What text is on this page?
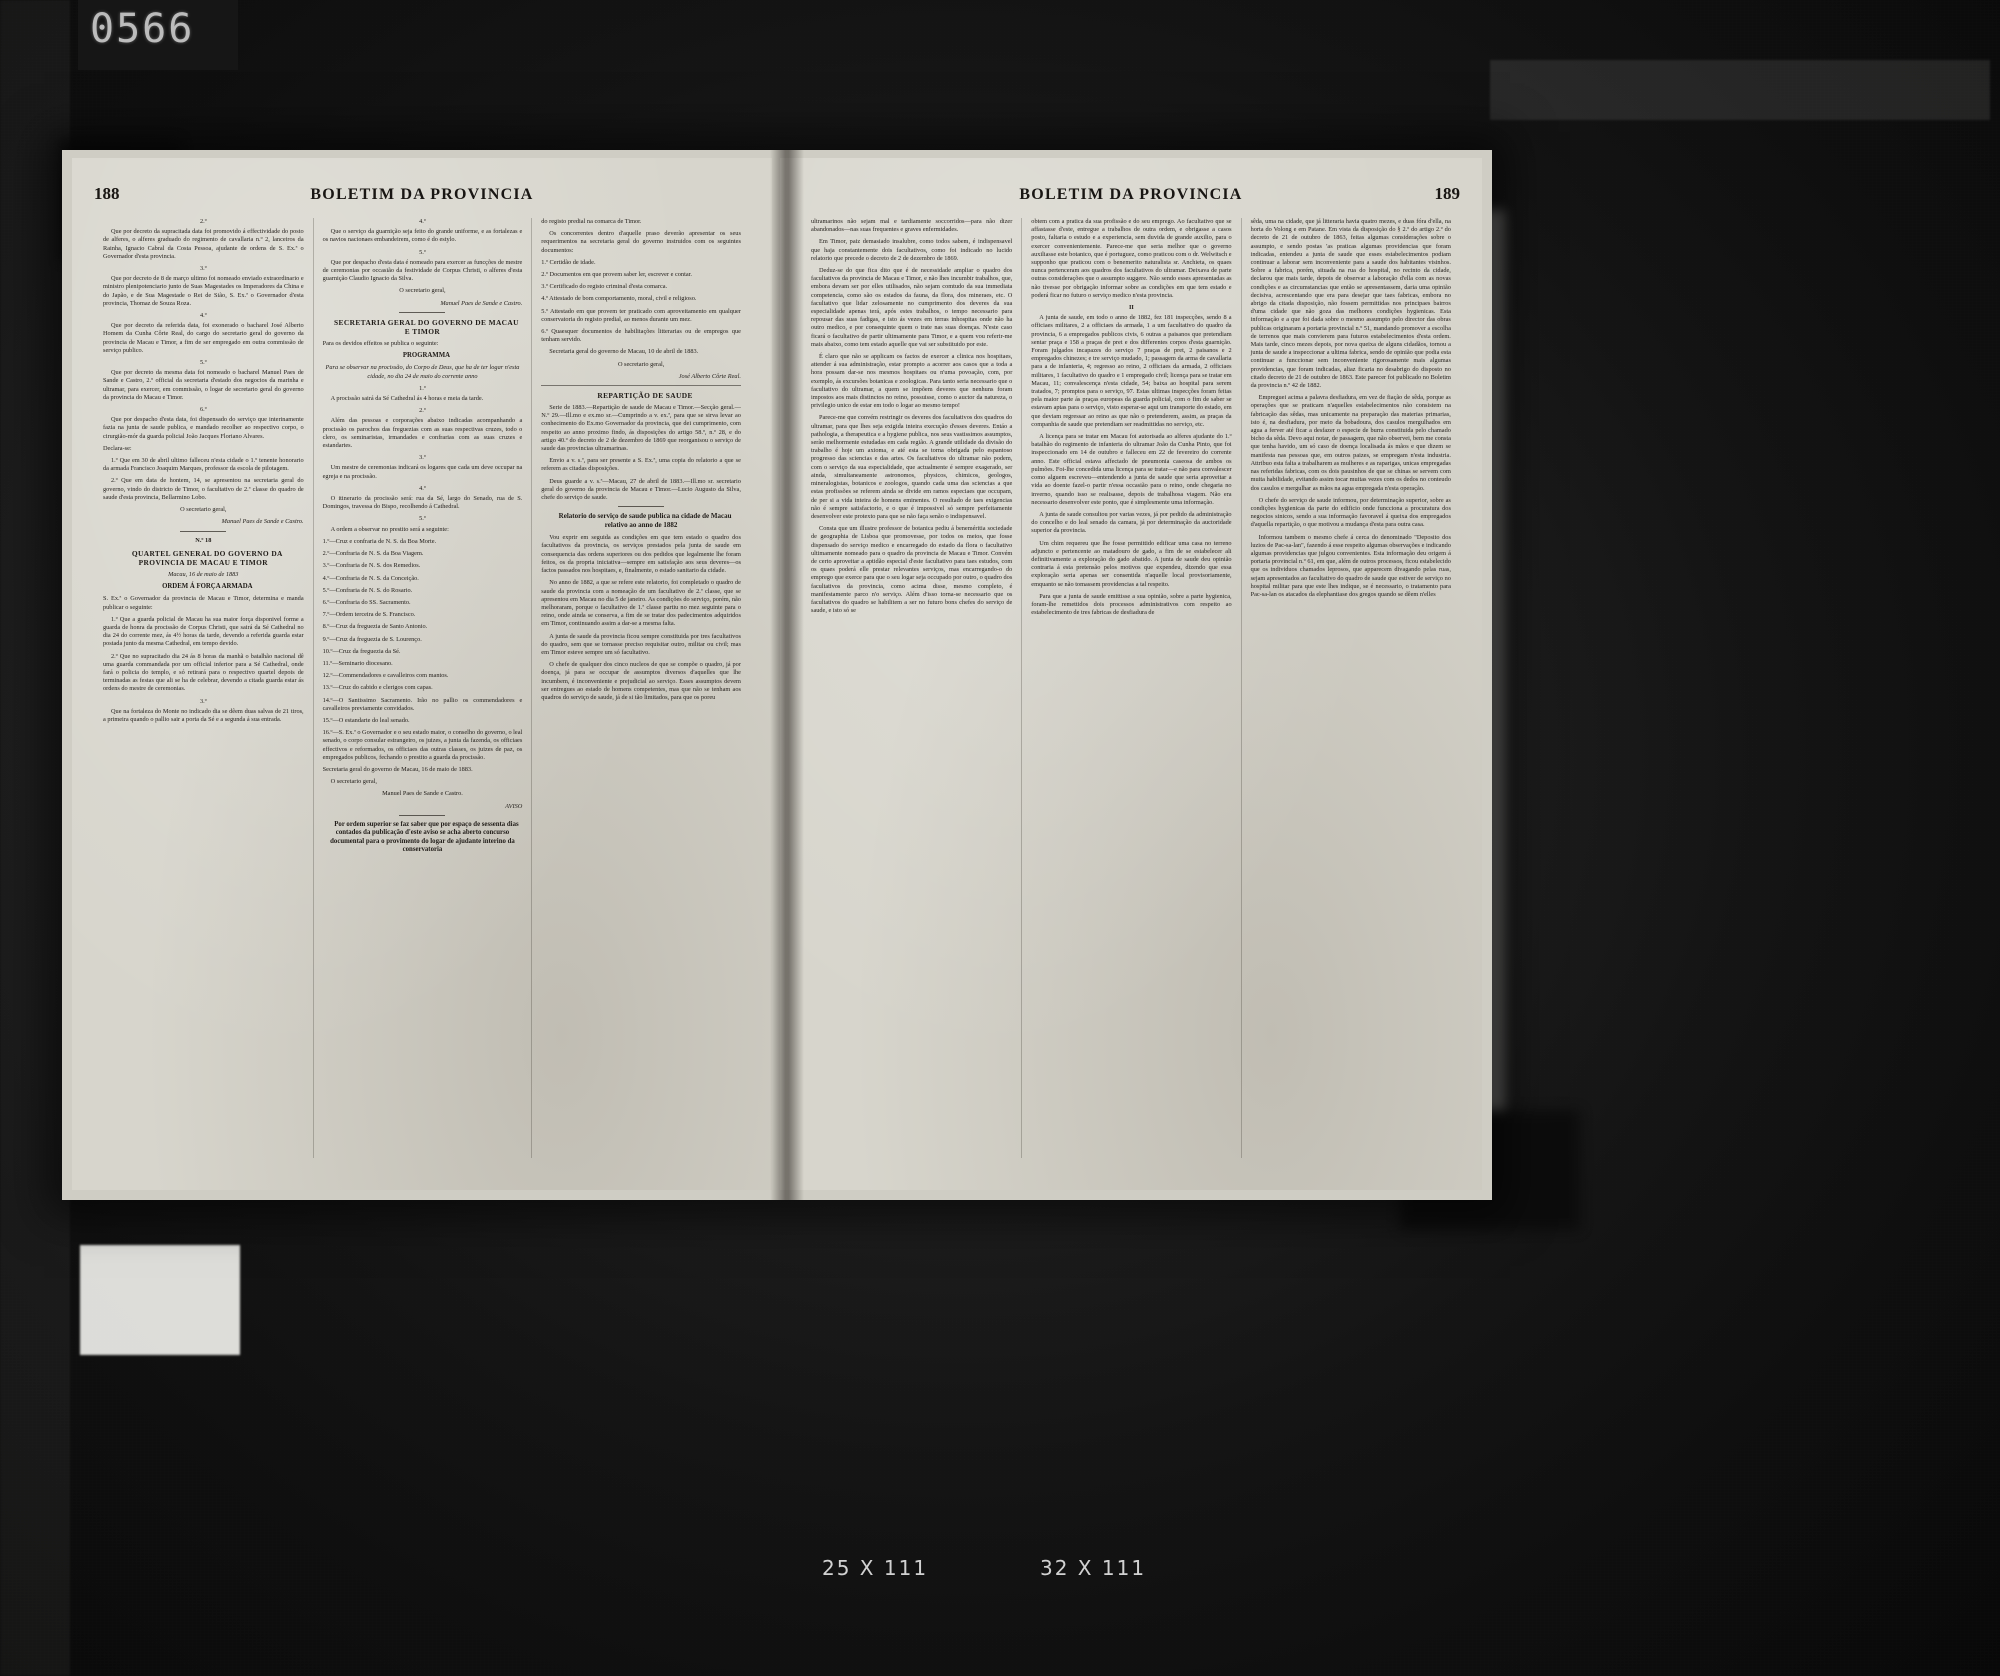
0566
188	BOLETIM DA PROVINCIA

2.º

Que por decreto da supracitada data foi promovido á effectividade do posto de alferes, o alferes graduado do regimento de cavallaria n.º 2, lanceiros da Rainha, Ignacio Cabral da Costa Pessoa, ajudante de ordens de S. Ex.ª o Governador d'esta provincia.

3.º

Que por decreto de 8 de março ultimo foi nomeado enviado extraordinario e ministro plenipotenciario junto de Suas Magestades os Imperadores da China e do Japão, e de Sua Magestade o Rei de Sião, S. Ex.ª o Governador d'esta provincia, Thomaz de Souza Roza.

4.º

Que por decreto da referida data, foi exonerado o bacharel José Alberto Homem da Cunha Côrte Real, do cargo do secretario geral do governo da provincia de Macau e Timor, a fim de ser empregado em outra commissão de serviço publico.

5.º

Que por decreto da mesma data foi nomeado o bacharel Manuel Paes de Sande e Castro, 2.º official da secretaria d'estado dos negocios da marinha e ultramar, para exercer, em commissão, o logar de secretario geral do governo da provincia do Macau e Timor.

6.º

Que por despacho d'esta data, foi dispensado do serviço que interinamente fazia na junta de saude publica, e mandado recolher ao respectivo corpo, o cirurgião-mór da guarda policial João Jacques Floriano Alvares.

Declara-se:

1.º Que em 30 de abril ultimo falleceu n'esta cidade o 1.º tenente honorario da armada Francisco Joaquim Marques, professor da escola de pilotagem.

2.º Que em data de hontem, 14, se apresentou na secretaria geral do governo, vindo do districto de Timor, o facultativo de 2.ª classe do quadro de saude d'esta provincia, Bellarmino Lobo.

O secretario geral,

Manuel Paes de Sande e Castro.

N.º 18

QUARTEL GENERAL DO GOVERNO DA PROVINCIA DE MACAU E TIMOR

Macau, 16 de maio de 1883

ORDEM Á FORÇA ARMADA

S. Ex.ª o Governador da provincia de Macau e Timor, determina e manda publicar o seguinte:

1.º Que a guarda policial de Macau ha sua maior força disponivel forme a guarda de honra da procissão de Corpus Christi, que sairá da Sé Cathedral no dia 24 do corrente mez, ás 4½ horas da tarde, devendo a referida guarda estar postada junto da mesma Cathedral, em tempo devido.

2.º Que no supracitado dia 24 ás 8 horas da manhã o batalhão nacional dê uma guarda commandada por um official inferior para a Sé Cathedral, onde fará o policia do templo, e só retirará para o respectivo quartel depois de terminadas as festas que ali se ha de celebrar, devendo a citada guarda estar ás ordens do mestre de ceremonias.

3.º

Que na fortaleza do Monte no indicado dia se dêem duas salvas de 21 tiros, a primeira quando o pallio sair a porta da Sé e a segunda á sua entrada.

4.º

Que o serviço da guarnição seja feito do grande uniforme, e as fortalezas e os navios nacionaes embandeirem, como é do estylo.

5.º

Que por despacho d'esta data é nomeado para exercer as funcções de mestre de ceremonias por occasião da festividade de Corpus Christi, o alferes d'esta guarnição Claudio Ignacio da Silva.

O secretario geral,

Manuel Paes de Sande e Castro.

SECRETARIA GERAL DO GOVERNO DE MACAU E TIMOR

Para os devidos effeitos se publica o seguinte:

PROGRAMMA

Para se observar na procissão, do Corpo de Deus, que ha de ter logar n'esta cidade, no dia 24 de maio do corrente anno

1.º

A procissão sairá da Sé Cathedral ás 4 horas e meia da tarde.

2.º

Além das pessoas e corporações abaixo indicadas acompanhando a procissão os parochos das freguezias com as suas respectivas cruzes, todo o clero, os seminaristas, irmandades e confrarias com as suas cruzes e estandartes.

3.º

Um mestre de ceremonias indicará os logares que cada um deve occupar na egreja e na procissão.

4.º

O itinerario da procissão será: rua da Sé, largo do Senado, rua de S. Domingos, travessa do Bispo, recolhendo á Cathedral.

5.º

A ordem a observar no prestito será a seguinte:

1.º—Cruz e confraria de N. S. da Boa Morte.

2.º—Confraria de N. S. da Boa Viagem.

3.º—Confraria de N. S. dos Remedios.

4.º—Confraria de N. S. da Conceição.

5.º—Confraria de N. S. do Rosario.

6.º—Confraria do SS. Sacramento.

7.º—Ordem terceira de S. Francisco.

8.º—Cruz da freguezia de Santo Antonio.

9.º—Cruz da freguezia de S. Lourenço.

10.º—Cruz da freguezia da Sé.

11.º—Seminario diocesano.

12.º—Commendadores e cavalleiros com mantos.

13.º—Cruz do cabido e clerigos com capas.

14.º—O Santissimo Sacramento. Irão no pallio os commendadores e cavalleiros previamente convidados.

15.º—O estandarte do leal senado.

16.º—S. Ex.ª o Governador e o seu estado maior, o conselho do governo, o leal senado, o corpo consular estrangeiro, os juizes, a junta da fazenda, os officiaes effectivos e reformados, os officiaes das outras classes, os juizes de paz, os empregados publicos, fechando o prestito a guarda da procissão.

Secretaria geral do governo de Macau, 16 de maio de 1883.

O secretario geral,

Manuel Paes de Sande e Castro.

AVISO

Por ordem superior se faz saber que por espaço de sessenta dias contados da publicação d'este aviso se acha aberto concurso documental para o provimento do logar de ajudante interino da conservatoria

do registo predial na comarca de Timor.

Os concorrentes dentro d'aquelle praso deverão apresentar os seus requerimentos na secretaria geral do governo instruidos com os seguintes documentos:

1.º Certidão de idade.

2.º Documentos em que provem saber ler, escrever e contar.

3.º Certificado do registo criminal d'esta comarca.

4.º Attestado de bom comportamento, moral, civil e religioso.

5.º Attestado em que provem ter praticado com aproveitamento em qualquer conservatoria do registo predial, ao menos durante um mez.

6.º Quaesquer documentos de habilitações litterarias ou de empregos que tenham servido.

Secretaria geral do governo de Macau, 10 de abril de 1883.

O secretario geral,

José Alberto Côrte Real.

REPARTIÇÃO DE SAUDE

Serie de 1883.—Repartição de saude de Macau e Timor.—Secção geral.—N.º 29.—Ill.mo e ex.mo sr.—Cumprindo a v. ex.ª, para que se sirva levar ao conhecimento do Ex.mo Governador da provincia, que dei cumprimento, com respeito ao anno proximo findo, ás disposições do artigo 58.º, n.º 28, e do artigo 40.º do decreto de 2 de dezembro de 1869 que reorganisou o serviço de saude das provincias ultramarinas.

Envio a v. s.ª, para ser presente a S. Ex.ª, uma copia do relatorio a que se referem as citadas disposições.

Deus guarde a v. s.ª—Macau, 27 de abril de 1883.—Ill.mo sr. secretario geral do governo da provincia de Macau e Timor.—Lucio Augusto da Silva, chefe do serviço de saude.

Relatorio do serviço de saude publica na cidade de Macau relativo ao anno de 1882

Vou exprir em seguida as condições em que tem estado o quadro dos facultativos da provincia, os serviços prestados pela junta de saude em consequencia das ordens superiores ou dos pedidos que legalmente lhe foram feitos, os da propria iniciativa—sempre em satisfação aos seus deveres—os factos passados nos hospitaes, e, finalmente, o estado sanitario da cidade.

No anno de 1882, a que se refere este relatorio, foi completado o quadro de saude da provincia com a nomeação de um facultativo de 2.ª classe, que se apresentou em Macau no dia 5 de janeiro. As condições do serviço, porém, não melhoraram, porque o facultativo de 1.ª classe partiu no mez seguinte para o reino, onde ainda se conserva, a fim de se tratar dos padecimentos adquiridos em Timor, continuando assim a dar-se a mesma falta.

A junta de saude da provincia ficou sempre constituida por tres facultativos do quadro, sem que se tornasse preciso requisitar outro, militar ou civil; mas em Timor esteve sempre um só facultativo.

O chefe de qualquer dos cinco nucleos de que se compõe o quadro, já por doença, já para se occupar de assumptos diversos d'aquelles que lhe incumbem, é inconveniente e prejudicial ao serviço. Esses assumptos devem ser entregues ao estado de homens competentes, mas que não se tenham aos quadros do serviço de saude, já de si tão limitados, para que os poreu

BOLETIM DA PROVINCIA	189

ultramarinos não sejam mal e tardiamente soccorridos—para não dizer abandonados—nas suas frequentes e graves enfermidades.

Em Timor, paiz demasiado insalubre, como todos sabem, é indispensavel que haja constantemente dois facultativos, como foi indicado no lucido relatorio que precede o decreto de 2 de dezembro de 1869.

Deduz-se do que fica dito que é de necessidade ampliar o quadro dos facultativos da provincia de Macau e Timor, e não lhes incumbir trabalhos, que, embora devam ser por elles utilisados, não sejam comtudo da sua immediata competencia, como são os estados da fauna, da flora, dos mineraes, etc. O facultativo que lidar zelosamente no cumprimento dos deveres da sua especialidade apenas terá, após estes trabalhos, o tempo necessario para repousar das suas fadigas, e isto ás vezes em terras inhospitas onde não ha outro medico, e por consequinte quem o trate nas suas doenças. N'este caso ficará o facultativo de partir ultimamente para Timor, e a quem vou referir-me mais abaixo, como tem estado aquelle que vai ser substituido por este.

É claro que não se applicam os factos de exercer a clinica nos hospitaes, attender á sua administração, estar prompto a acorrer aos casos que a toda a hora possam dar-se nos mesmos hospitaes ou n'uma povoação, com, por exemplo, ás excursões botanicas e zoologicas. Para tanto seria necessario que o facultativo do ultramar, a quem se impõem deveres que nenhuns foram impostos aos mais distinctos no reino, possuisse, como o auctor da natureza, o privilegio unico de estar em todo o logar ao mesmo tempo!

Parece-me que convém restringir os deveres dos facultativos dos quadros do ultramar, para que lhes seja exigida inteira execução d'esses deveres. Entáo a pathologia, a therapeutica e a hygiene publica, nos seus vastissimos assumptos, serão melhormente estudadas em cada região. A grande utilidade da divisão do trabalho é hoje um axioma, e até esta se torna obrigada pelo espantoso progresso das sciencias e das artes. Os facultativos do ultramar não podem, com o serviço da sua especialidade, que actualmente é sempre exagerado, ser ainda, simultaneamente astronomos, physicos, chimicos, geologos, mineralogistas, botanicos e zoologos, quando cada uma das sciencias a que estas profissões se referem ainda se divide em ramos especiaes que occupam, de per si a vida inteira de homens eminentes. O resultado de taes exigencias não é sempre satisfactorio, e o que é impossivel só sempre perfeitamente desenvolver este protexto para que se não faça senão o indispensavel.

Consta que um illustre professor de botanica pediu á beneméritia sociedade de geographia de Lisboa que promovesse, por todos os meios, que fosse dispensado do serviço medico e encarregado do estado da flora o facultativo ultimamente nomeado para o quadro da provincia de Macau e Timor. Convém de certo aproveitar a aptidão especial d'este facultativo para taes estudos, com os quaes poderá elle prestar relevantes serviços, mas encarregando-o do emprego que exerce para que o seu logar seja occupado por outro, o quadro dos facultativos da provincia, como acima disse, mesmo completo, é manifestamente parco n'o serviço. Além d'isso torna-se necessario que os facultativos do quadro se habilitem a ser no futuro bons chefes do serviço de saude, e isto só se

obtem com a pratica da sua profissão e do seu emprego. Ao facultativo que se affastasse d'este, entregue a trabalhos de outra ordem, e obrigasse a casos posto, faltaria o estudo e a experiencia, sem duvida de grande auxilio, para o exercer convenientemente. Parece-me que seria melhor que o governo auxiliasse este botanico, que é portuguez, como praticou com o dr. Welwitsch e supponho que praticou com o benemerito naturalista sr. Anchieta, os quaes nunca pertenceram aos quadros dos facultativos do ultramar. Deixava de parte outras considerações que o assumpto suggere. Não sendo esses apresentadas as não tivesse por obrigação informar sobre as condições em que tem estado e poderá ficar no futuro o serviço medico n'esta provincia.

II

A junta de saude, em todo o anno de 1882, fez 181 inspecções, sendo 8 a officiaes militares, 2 a officiaes da armada, 1 a um facultativo do quadro da provincia, 6 a empregados publicos civis, 6 outras a paisanos que pretendiam sentar praça e 158 a praças de pret e dos differentes corpos d'esta guarnição. Foram julgados incapazes do serviço 7 praças de pret, 2 paisanos e 2 empregados chinezes; e tre serviço mudado, 1; passagem da arma de cavallaria para a de infanteria, 4; regresso ao reino, 2 officiaes da armada, 2 officiaes militares, 1 facultativo do quadro e 1 empregado civil; licença para se tratar em Macau, 11; convalescença n'esta cidade, 54; baixa ao hospital para serem tratados, 7; promptos para o serviço, 97. Estas ultimas inspecções foram feitas pela maior parte ás praças europeas da guarda policial, com o fim de saber se estavam aptas para o serviço, visto esperar-se aqui um transporte do estado, em que deviam regressar ao reino as que não o pretenderem, assim, as praças da companhia de saude que pretendiam ser readmittidas no serviço, etc.

A licença para se tratar em Macau foi autorisada ao alferes ajudante do 1.º batalhão do regimento de infanteria do ultramar João da Cunha Pinto, que foi inspeccionado em 14 de outubro e falleceu em 22 de fevereiro do corrente anno. Este official estava affectado de pneumonia caseosa de ambos os pulmões. Foi-lhe concedida uma licença para se tratar—e não para convalescer como alguem escreveu—entendendo a junta de saude que seria aproveitar a vida ao doente fazel-o partir n'essa occasião para o reino, onde chegaria no inverno, quando isso se realisasse, depois de trabalhosa viagem. Não era necessario desenvolver este ponto, que é simplesmente uma informação.

A junta de saude consultou por varias vezes, já por pedido da administração do concelho e do leal senado da camara, já por determinação da auctoridade superior da provincia.

Um chim requereu que lhe fosse permittido edificar uma casa no terreno adjuncto e pertencente ao matadouro de gado, a fim de se estabelecer ali definitivamente a exploração do gado abatido. A junta de saude deu opinião contraria á esta pretensão pelos motivos que expendeu, dizendo que essa exploração seria apenas ser consentida n'aquelle local provisoriamente, emquanto se não tomassem providencias a tal respeito.

Para que a junta de saude emittisse a sua opinião, sobre a parte hygienica, foram-lhe remettidos dois processos administrativos com respeito ao estabelecimento de tres fabricas de desfiadura de

sêda, uma na cidade, que já litteraria havia quatro mezes, e duas fóra d'ella, na horta do Volong e em Patane. Em vista da disposição do § 2.º do artigo 2.º do decreto de 21 de outubro de 1863, feitas algumas considerações sobre o assumpto, e sendo postas 'as praticas algumas providencias que foram indicadas, entendeu a junta de saude que esses estabelecimentos podiam continuar a laborar sem inconveniente para a saude dos habitantes visinhos. Sobre a fabrica, porém, situada na rua do hospital, no recinto da cidade, declarou que mais tarde, depois de observar a laboração d'ella com as novas condições e as circumstancias que então se apresentassem, daria uma opinião decisiva, acrescentando que era para desejar que taes fabricas, embora no abrigo da citada disposição, não fossem permittidas nos principaes bairros d'uma cidade que não goza das melhores condições hygienicas. Esta informação e a que foi dada sobre o mesmo assumpto pelo director das obras publicas originaram a portaria provincial n.º 51, mandando promover a escolha de terrenos que mais convierem para futuros estabelecimentos d'esta ordem. Mais tarde, cinco mezes depois, por nova queixa de alguns cidadãos, tornou a junta de saude a inspeccionar a ultima fabrica, sendo de opinião que podia esta continuar a funccionar sem inconveniente rigorosamente mais algumas providencias, que foram indicadas, aliaz ficaria no desabrigo do disposto no citado decreto de 21 de outubro de 1863. Este parecer foi publicado no Boletim da provincia n.º 42 de 1882.

Empreguei acima a palavra desfiadura, em vez de fiação de sêda, porque as operações que se praticam n'aquelles estabelecimentos não consistem na fabricação das sêdas, mas unicamente na preparação das materias primarias, isto é, na desfiadura, por meio da bobadoura, dos casulos mergulhados em agua a ferver até ficar a desfazer o especie de burra constituida pelo chamado bicho da sêda. Devo aqui notar, de passagem, que não observei, bem me consta que tenha havido, um só caso de doença localisada ás mãos e que dizem se manifesta nas pessoas que, em outros paizes, se empregam n'esta industria. Attribuo esta falta a trabalharem as mulheres e as raparigas, unicas empregadas nas referidas fabricas, com os dois pausinhos de que se chinas se servem com muita habilidade, evitando assim tocar muitas vezes com os dedos no conteudo dos casulos e mergulhar as mãos na agua empregada n'esta operação.

O chefe do serviço de saude informou, por determinação superior, sobre as condições hygienicas da parte do edificio onde funcciona a procuratura dos negocios sinicos, sendo a sua informação favoravel á queixa dos empregados d'aquella repartição, o que motivou a mudança d'esta para outra casa.

Informou tambem o mesmo chefe á cerca do denominado "Deposito dos luzios de Pac-sa-lan", fazendo á esse respeito algumas observações e indicando algumas providencias que julgou convenientes. Esta informação deu origem á portaria provincial n.º 61, em que, além de outros processos, ficou estabelecido que os individuos chamados leprosos, que apparecem divagando pelas ruas, sejam apresentados ao facultativo do quadro de saude que estiver de serviço no hospital militar para que este lhes indique, se é necessario, o tratamento para Pac-sa-lan os atacados da elephantiase dos gregos quando se dêem n'elles

25 X 111	32 X 111
